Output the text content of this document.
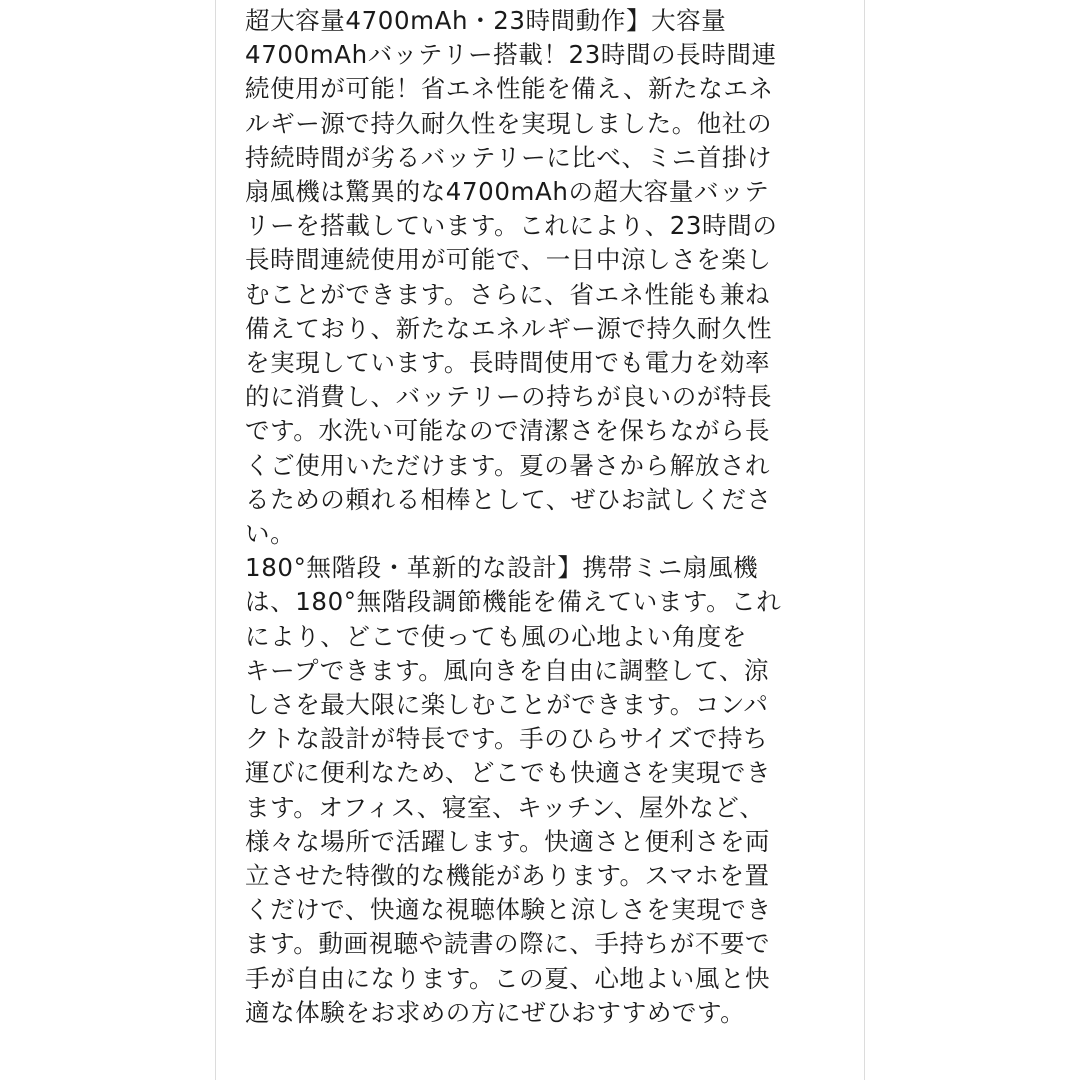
超大容量4700mAh・23時間動作】大容量
4700mAhバッテリー搭載！23時間の長時間連
続使用が可能！省エネ性能を備え、新たなエネ
ルギー源で持久耐久性を実現しました。他社の
持続時間が劣るバッテリーに比べ、ミニ首掛け
扇風機は驚異的な4700mAhの超大容量バッテ
リーを搭載しています。これにより、23時間の
長時間連続使用が可能で、一日中涼しさを楽し
むことができます。さらに、省エネ性能も兼ね
備えており、新たなエネルギー源で持久耐久性
を実現しています。長時間使用でも電力を効率
的に消費し、バッテリーの持ちが良いのが特長
です。水洗い可能なので清潔さを保ちながら長
くご使用いただけます。夏の暑さから解放され
るための頼れる相棒として、ぜひお試しくださ
い。
180°無階段・革新的な設計】携帯ミニ扇風機
は、180°無階段調節機能を備えています。これ
により、どこで使っても風の心地よい角度を
キープできます。風向きを自由に調整して、涼
しさを最大限に楽しむことができます。コンパ
クトな設計が特長です。手のひらサイズで持ち
運びに便利なため、どこでも快適さを実現でき
ます。オフィス、寝室、キッチン、屋外など、
様々な場所で活躍します。快適さと便利さを両
立させた特徴的な機能があります。スマホを置
くだけで、快適な視聴体験と涼しさを実現でき
ます。動画視聴や読書の際に、手持ちが不要で
手が自由になります。この夏、心地よい風と快
適な体験をお求めの方にぜひおすすめです。
